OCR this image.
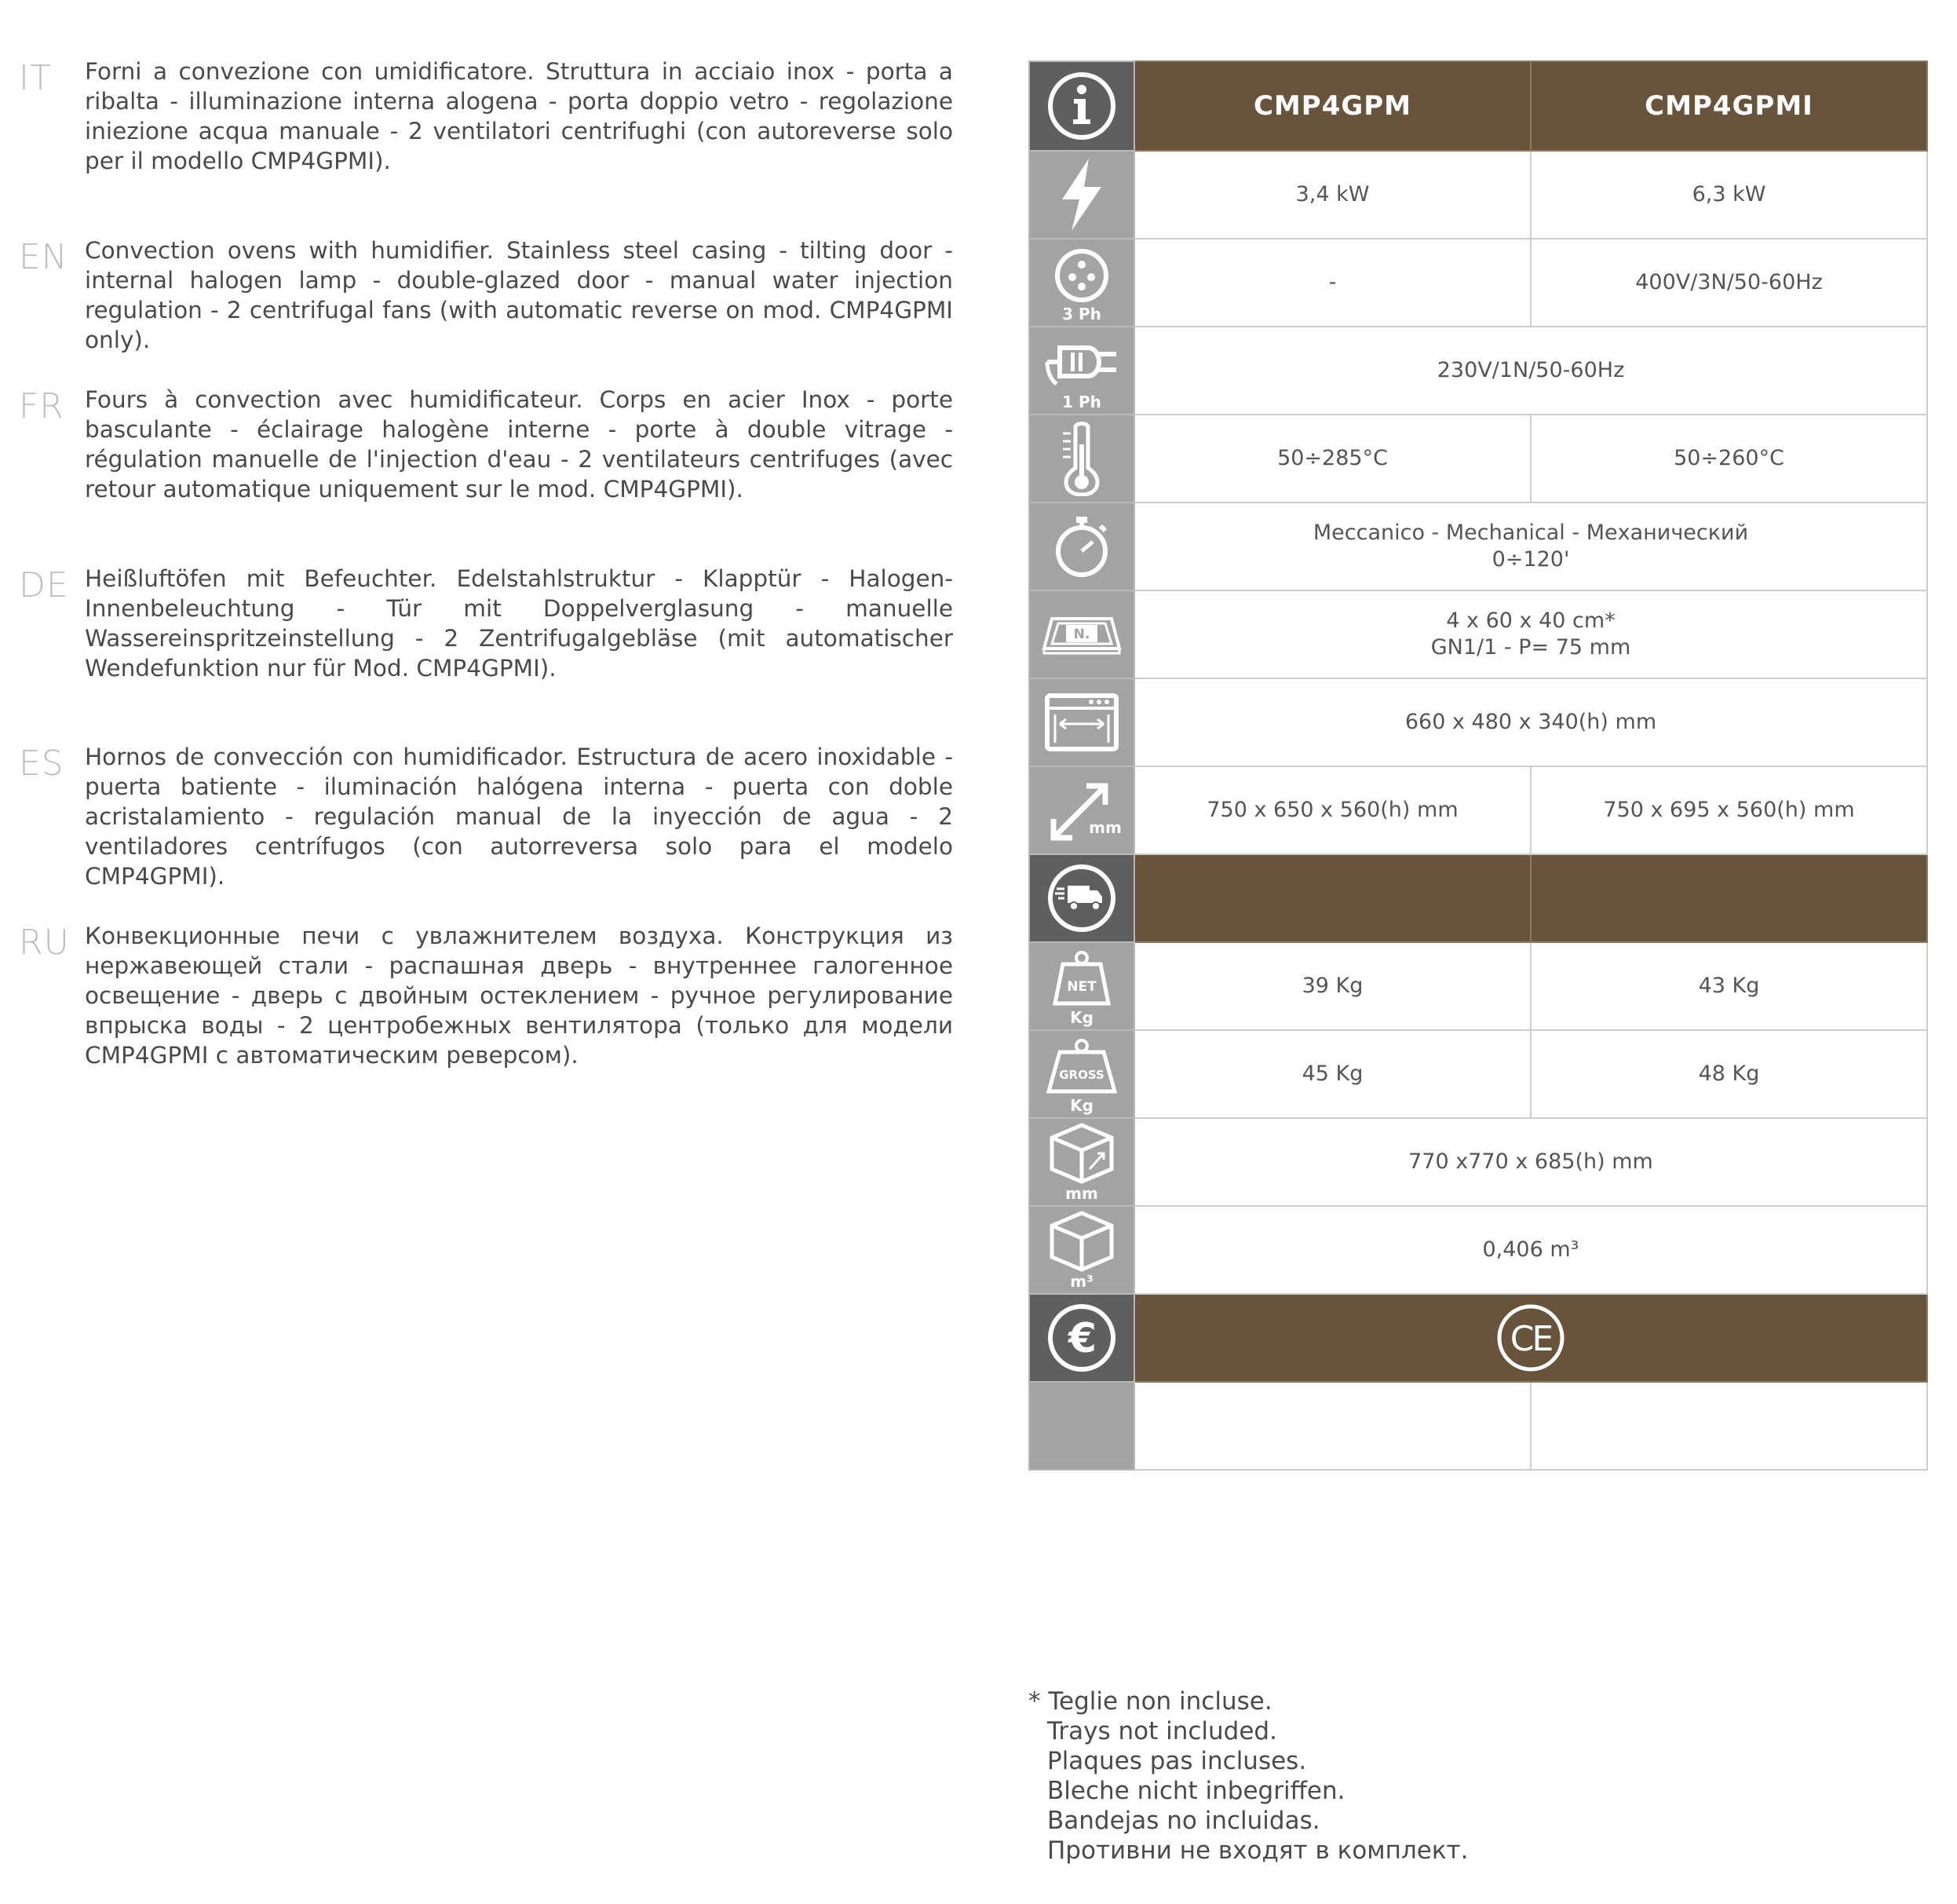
IT	Forni a convezione con umidificatore. Struttura in acciaio inox - porta a ribalta - illuminazione interna alogena - porta doppio vetro - regolazione iniezione acqua manuale - 2 ventilatori centrifughi (con autoreverse solo per il modello CMP4GPMI).
EN Convection ovens with humidifier. Stainless steel casing - tilting door - internal halogen lamp - double-glazed door - manual water injection regulation - 2 centrifugal fans (with automatic reverse on mod. CMP4GPMI only).
FR Fours à convection avec humidificateur. Corps en acier Inox - porte basculante - éclairage halogène interne - porte à double vitrage - régulation manuelle de l'injection d'eau - 2 ventilateurs centrifuges (avec retour automatique uniquement sur le mod. CMP4GPMI).
DE Heißluftöfen mit Befeuchter. Edelstahlstruktur - Klapptür - Halogen-Innenbeleuchtung - Tür mit Doppelverglasung - manuelle Wassereinspritzeinstellung - 2 Zentrifugalgebläse (mit automatischer Wendefunktion nur für Mod. CMP4GPMI).
ES Hornos de convección con humidificador. Estructura de acero inoxidable - puerta batiente - iluminación halógena interna - puerta con doble acristalamiento - regulación manual de la inyección de agua - 2 ventiladores centrífugos (con autorreversa solo para el modelo CMP4GPMI).
RU Конвекционные печи с увлажнителем воздуха. Конструкция из нержавеющей стали - распашная дверь - внутреннее галогенное освещение - дверь с двойным остеклением - ручное регулирование впрыска воды - 2 центробежных вентилятора (только для модели CMP4GPMI с автоматическим реверсом).
	CMP4GPM	CMP4GPMI

	3,4 kW	6,3 kW

3 Ph	-	400V/3N/50-60Hz

1 Ph	230V/1N/50-60Hz	

	50÷285°C	50÷260°C

Meccanico - Mechanical - Механический
0÷120'	

N.	4 x 60 x 40 cm*
GN1/1 - P= 75 mm	

	660 x 480 x 340(h) mm	

mm	750 x 650 x 560(h) mm	750 x 695 x 560(h) mm

NET
Kg	39 Kg	43 Kg

GROSS
Kg	45 Kg	48 Kg

mm	770 x770 x 685(h) mm	

m³	0,406 m³	

€	CE	

* Teglie non incluse.
Trays not included.
Plaques pas incluses.
Bleche nicht inbegriffen.
Bandejas no incluidas.
Противни не входят в комплект.
